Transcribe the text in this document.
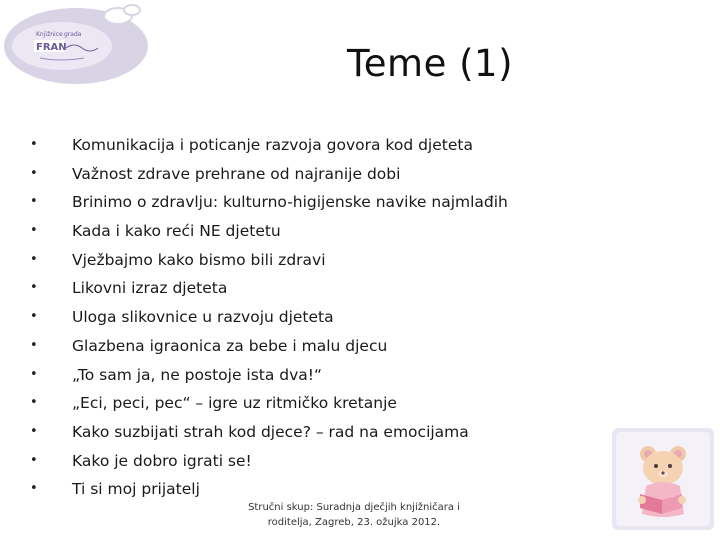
Knjižnice grada
FRAN	Teme (1)
• Komunikacija i poticanje razvoja govora kod djeteta
• Važnost zdrave prehrane od najranije dobi
• Brinimo o zdravlju: kulturno-higijenske navike najmlađih
• Kada i kako reći NE djetetu
• Vježbajmo kako bismo bili zdravi
• Likovni izraz djeteta
• Uloga slikovnice u razvoju djeteta
• Glazbena igraonica za bebe i malu djecu
• „To sam ja, ne postoje ista dva!“
• „Eci, peci, pec“ – igre uz ritmičko kretanje
• Kako suzbijati strah kod djece? – rad na emocijama
• Kako je dobro igrati se!
• Ti si moj prijatelj
Stručni skup: Suradnja dječjih knjižničara i
roditelja, Zagreb, 23. ožujka 2012.
